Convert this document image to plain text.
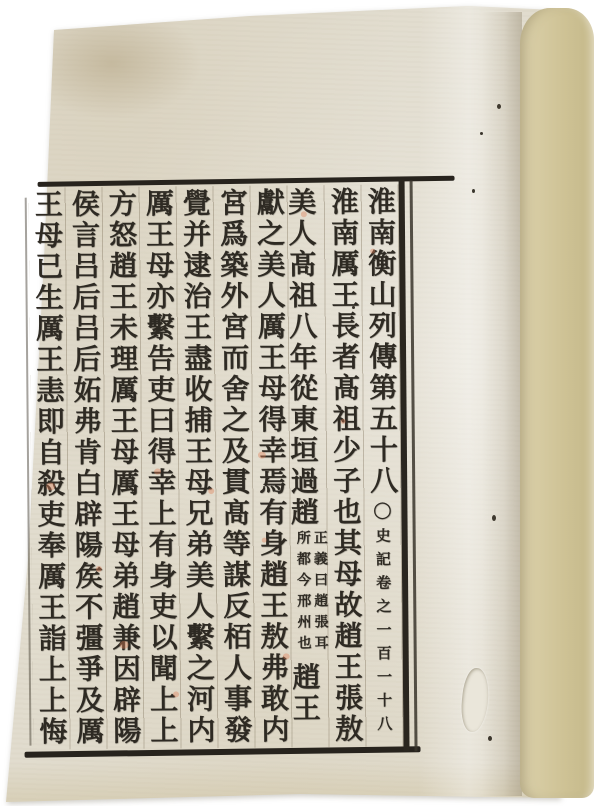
淮南衡山列傳第五十八○史記卷之一百一十八
淮南厲王長者髙祖少子也其母故趙王張敖
美人髙祖八年從東垣過趙
正義曰趙張耳
所都今邢州也
趙王
獻之美人厲王母得幸焉有身趙王敖弗敢内
宮爲築外宮而舍之及貫髙等謀反栢人事發
覺并逮治王盡收捕王母兄弟美人繫之河内
厲王母亦繫告吏曰得幸上有身吏以聞上上
方怒趙王未理厲王母厲王母弟趙兼因辟陽
侯言吕后吕后妬弗肯白辟陽矦不彊爭及厲
王母已生厲王恚即自殺吏奉厲王詣上上悔
